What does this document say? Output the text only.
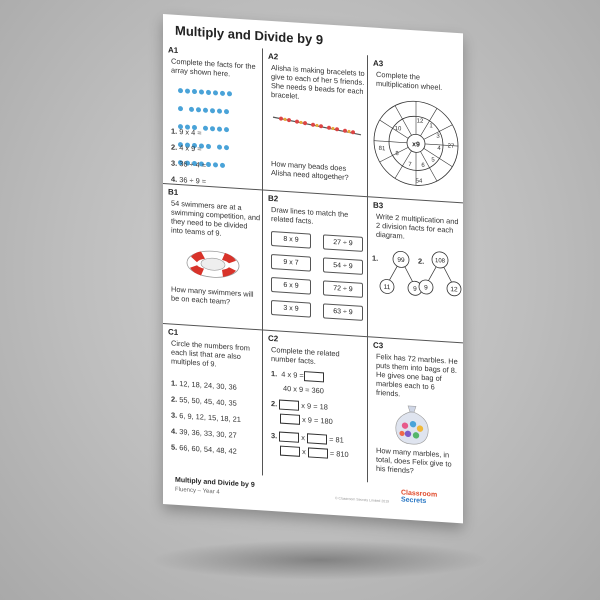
Multiply and Divide by 9
A1
Complete the facts for the array shown here.

1. 9 x 4 =
2. 4 x 9 =
3. 36 ÷ 4 =
4. 36 ÷ 9 =
A2
Alisha is making bracelets to give to each of her 5 friends. She needs 9 beads for each bracelet.
How many beads does Alisha need altogether?
A3
Complete the multiplication wheel.
x9
12
1
3
4
5
6
7
8
10
27
54
81
B1
54 swimmers are at a swimming competition, and they need to be divided into teams of 9.
How many swimmers will be on each team?
B2
Draw lines to match the related facts.
8 x 9
9 x 7
6 x 9
3 x 9
27 ÷ 9
54 ÷ 9
72 ÷ 9
63 ÷ 9
B3
Write 2 multiplication and 2 division facts for each diagram.
1.	99
11	9
2. 108
9	12
C1
Circle the numbers from each list that are also multiples of 9.
1. 12, 18, 24, 30, 36
2. 55, 50, 45, 40, 35
3. 6, 9, 12, 15, 18, 21
4. 39, 36, 33, 30, 27
5. 66, 60, 54, 48, 42
C2
Complete the related number facts.
1. 4 x 9 =
40 x 9 = 360
2.	x 9 = 18
x 9 = 180
3.	x	= 81
x	= 810
C3
Felix has 72 marbles. He puts them into bags of 8. He gives one bag of marbles each to 6 friends.
How many marbles, in total, does Felix give to his friends?
Multiply and Divide by 9
Fluency – Year 4
© Classroom Secrets Limited 2019
Classroom
Secrets
